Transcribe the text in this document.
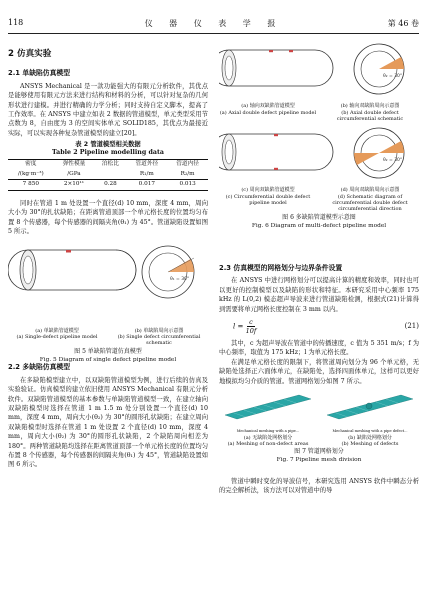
118	仪 器 仪 表 学 报	第 46 卷
2 仿真实验
2.1 单缺陷仿真模型

ANSYS Mechanical 是一款功能强大的有限元分析软件，其优点是能够使用有限元方法来进行结构和材料的分析，可以针对复杂的几何形状进行建模。并进行精确的力学分析；同时支持自定义脚本，提高了工作效率。在 ANSYS 中建立如表 2 数据的管道模型，单元类型采用节点数为 8，自由度为 3 的空间实体单元 SOLID185，其优点为最接近实际，可以实现各种复杂管道模型的建立[20]。

表 2 管道模型相关数据
Table 2 Pipeline modelling data
密度	弹性模量	泊松比	管道外径	管道内径
/(kg·m⁻³)	/GPa		R₁/m	R₂/m
7 850	2×10¹¹	0.28	0.017	0.013

同时在管道 1 m 处设置一个直径(d) 10 mm，深度 4 mm，周向大小为 30°的扎状缺陷；在距离管道顶部一个单元格长度的位置均匀布置 8 个传感器，每个传感器的间隔夹角(θ₁) 为 45°。管道缺陷设置如图 5 所示。

θ₁ = 30°
(a) 单缺陷管道模型
(a) Single-defect pipeline model
(b) 单缺陷周向示意图
(b) Single defect circumferential schematic
图 5 单缺陷管道仿真模型
Fig. 5 Diagram of single defect pipeline model
2.2 多缺陷仿真模型

在多缺陷模型建立中，以双缺陷管道模型为例，进行后续的仿真及实验验证。仿真模型的建立依旧使用 ANSYS Mechanical 有限元分析软件。双缺陷管道模型的基本参数与单缺陷管道模型一致，在建立轴向双缺陷模型时选择在管道 1 m 1.5 m 处分别设置一个直径(d) 10 mm，深度 4 mm，周向大小(θ₂) 为 30°的圆形孔状缺陷；在建立周向双缺陷模型时选择在管道 1 m 处设置 2 个直径(d) 10 mm，深度 4 mm，周向大小(θ₂) 为 30°的圆形孔状缺陷，2 个缺陷周向相差为 180°。两种管道缺陷均选择在距离管道顶部一个单元格长度的位置均匀布置 8 个传感器，每个传感器的间隔夹角(θ₁) 为 45°，管道缺陷设置如图 6 所示。

θ₂ = 30°
(a) 轴向双缺陷管道模型
(a) Axial double defect pipeline model
(b) 轴向双缺陷周向示意图
(b) Axial double defect circumferential schematic
θ₂ = 30°
(c) 周向双缺陷管道模型
(c) Circumferential double defect pipeline model
(d) 周向双缺陷周向示意图
(d) Schematic diagram of circumferential double defect circumferential direction
图 6 多缺陷管道模型示意图
Fig. 6 Diagram of multi-defect pipeline model
2.3 仿真模型的网格划分与边界条件设置

在 ANSYS 中进行网格划分可以提高计算的精度和效率，同时也可以更好的控制模型以及缺陷的形状和特征。本研究采用中心频率 175 kHz 的 L(0,2) 模态超声导波来进行管道缺陷检测，根据式(21)计算得到需要将单元网格长度控制在 3 mm 以内。

$l = \frac{c}{10f}$	(21)

其中，c 为超声导波在管道中的传播速度，c 值为 5 351 m/s；f 为中心频率，取值为 175 kHz；l 为单元格长度。

在满足单元格长度的限制下，将管道周向划分为 96 个单元格，无缺陷处选择正六面体单元，在缺陷处，选择四面体单元，这样可以更好地模拟均匀介质的管道。管道网格划分如图 7 所示。

Mechanical meshing with a pipe...
(a) 无缺陷处网格划分
(a) Meshing of non-defect areas
Mechanical meshing with a pipe defect...
(b) 缺陷处网格划分
(b) Meshing of defects
图 7 管道网格划分
Fig. 7 Pipeline mesh division

管道中瞬时变化的导波信号，本研究选用 ANSYS 软件中瞬态分析的完全解析法，该方法可以对管道中的导
